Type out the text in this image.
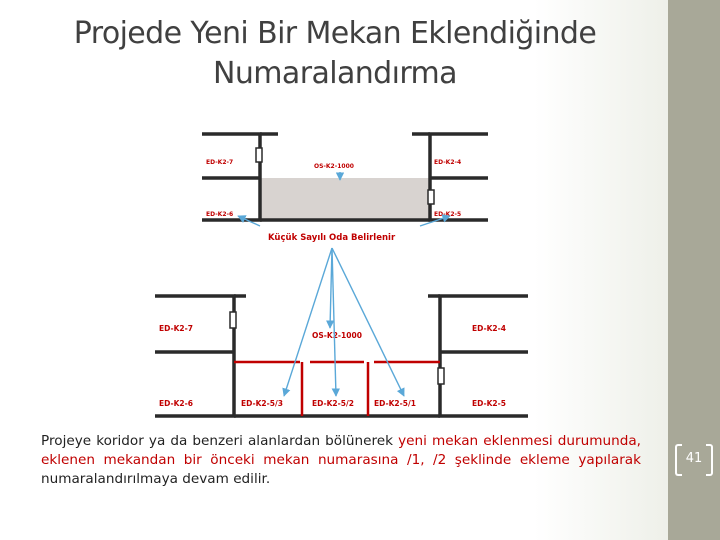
Projede Yeni Bir Mekan Eklendiğinde
Numaralandırma
ED-K2-7
OS-K2-1000
ED-K2-4
ED-K2-6	ED-K2-5
Küçük Sayılı Oda Belirlenir
ED-K2-7
OS-K2-1000
ED-K2-4
ED-K2-6	ED-K2-5/3	ED-K2-5/2	ED-K2-5/1	ED-K2-5
Projeye koridor ya da benzeri alanlardan bölünerek yeni mekan eklenmesi durumunda, eklenen mekandan bir önceki mekan numarasına /1, /2 şeklinde ekleme yapılarak numaralandırılmaya devam edilir.
41
